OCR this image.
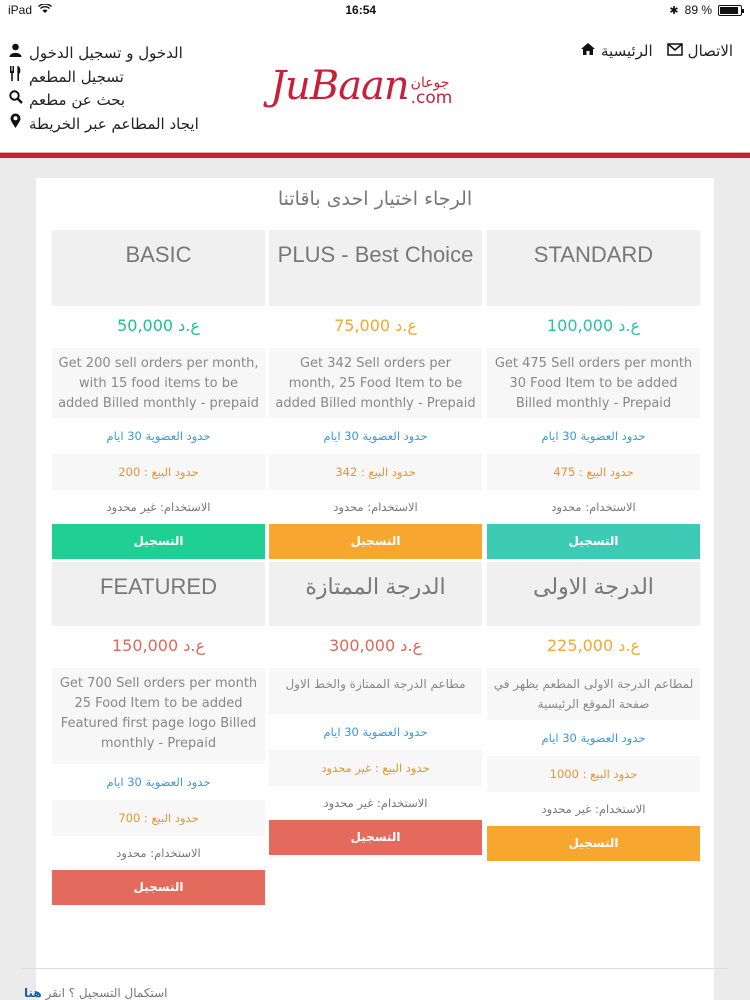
iPad	16:54	✱ 89 %
الاتصال
الرئيسية
JuBaan جوعان
.com
الدخول و تسجيل الدخول
تسجيل المطعم
بحث عن مطعم
ايجاد المطاعم عبر الخريطة
الرجاء اختيار احدى باقاتنا
BASIC
ع.د 50,000
Get 200 sell orders per month, with 15 food items to be added Billed monthly - prepaid
حدود العضوية 30 ايام
حدود البيع : 200
الاستخدام: غير محدود
التسجيل
PLUS - Best Choice
ع.د 75,000
Get 342 Sell orders per month, 25 Food Item to be added Billed monthly - Prepaid
حدود العضوية 30 ايام
حدود البيع : 342
الاستخدام: محدود
التسجيل
STANDARD
ع.د 100,000
Get 475 Sell orders per month 30 Food Item to be added Billed monthly - Prepaid
حدود العضوية 30 ايام
حدود البيع : 475
الاستخدام: محدود
التسجيل
FEATURED
ع.د 150,000
Get 700 Sell orders per month 25 Food Item to be added Featured first page logo Billed monthly - Prepaid
حدود العضوية 30 ايام
حدود البيع : 700
الاستخدام: محدود
التسجيل
الدرجة الممتازة
ع.د 300,000
مطاعم الدرجة الممتازة والخط الاول
حدود العضوية 30 ايام
حدود البيع : غير محدود
الاستخدام: غير محدود
التسجيل
الدرجة الاولى
ع.د 225,000
لمطاعم الدرجة الاولى المطعم يظهر في صفحة الموقع الرئيسية
حدود العضوية 30 ايام
حدود البيع : 1000
الاستخدام: غير محدود
التسجيل
استكمال التسجيل ؟ انقر هنا
